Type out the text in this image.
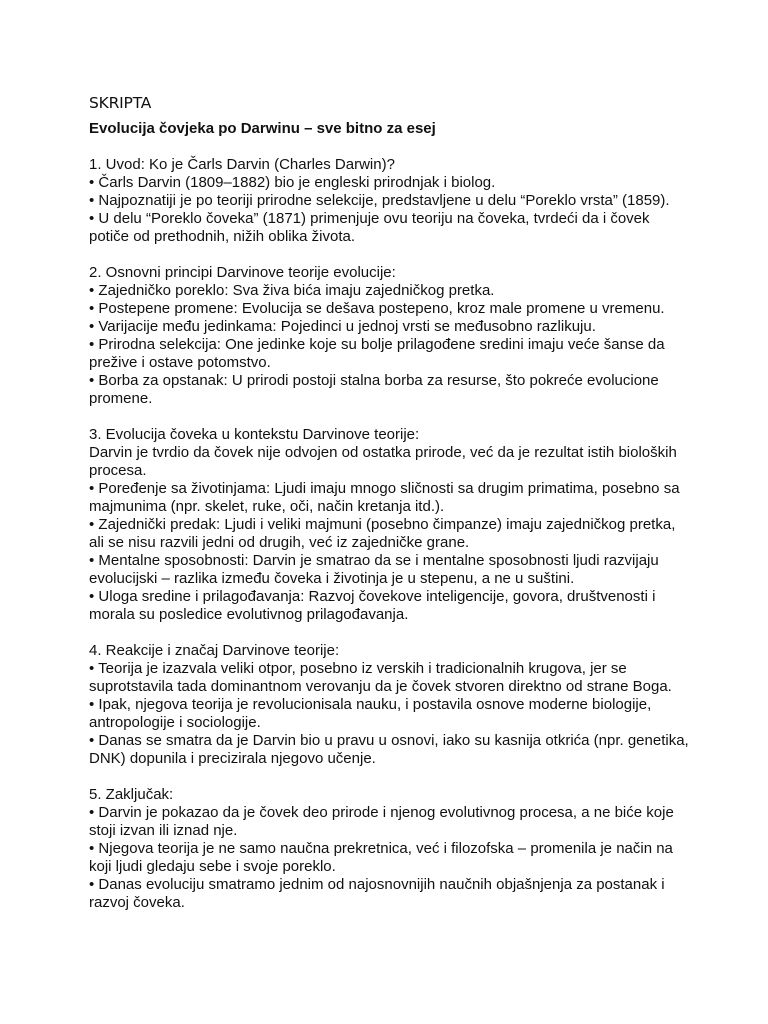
SKRIPTA
Evolucija čovjeka po Darwinu – sve bitno za esej

1. Uvod: Ko je Čarls Darvin (Charles Darwin)?

• Čarls Darvin (1809–1882) bio je engleski prirodnjak i biolog.

• Najpoznatiji je po teoriji prirodne selekcije, predstavljene u delu “Poreklo vrsta” (1859).

• U delu “Poreklo čoveka” (1871) primenjuje ovu teoriju na čoveka, tvrdeći da i čovek potiče od prethodnih, nižih oblika života.

2. Osnovni principi Darvinove teorije evolucije:

• Zajedničko poreklo: Sva živa bića imaju zajedničkog pretka.

• Postepene promene: Evolucija se dešava postepeno, kroz male promene u vremenu.

• Varijacije među jedinkama: Pojedinci u jednoj vrsti se međusobno razlikuju.

• Prirodna selekcija: One jedinke koje su bolje prilagođene sredini imaju veće šanse da prežive i ostave potomstvo.

• Borba za opstanak: U prirodi postoji stalna borba za resurse, što pokreće evolucione promene.

3. Evolucija čoveka u kontekstu Darvinove teorije:

Darvin je tvrdio da čovek nije odvojen od ostatka prirode, već da je rezultat istih bioloških procesa.

• Poređenje sa životinjama: Ljudi imaju mnogo sličnosti sa drugim primatima, posebno sa majmunima (npr. skelet, ruke, oči, način kretanja itd.).

• Zajednički predak: Ljudi i veliki majmuni (posebno čimpanze) imaju zajedničkog pretka, ali se nisu razvili jedni od drugih, već iz zajedničke grane.

• Mentalne sposobnosti: Darvin je smatrao da se i mentalne sposobnosti ljudi razvijaju evolucijski – razlika između čoveka i životinja je u stepenu, a ne u suštini.

• Uloga sredine i prilagođavanja: Razvoj čovekove inteligencije, govora, društvenosti i morala su posledice evolutivnog prilagođavanja.

4. Reakcije i značaj Darvinove teorije:

• Teorija je izazvala veliki otpor, posebno iz verskih i tradicionalnih krugova, jer se suprotstavila tada dominantnom verovanju da je čovek stvoren direktno od strane Boga.

• Ipak, njegova teorija je revolucionisala nauku, i postavila osnove moderne biologije, antropologije i sociologije.

• Danas se smatra da je Darvin bio u pravu u osnovi, iako su kasnija otkrića (npr. genetika, DNK) dopunila i precizirala njegovo učenje.

5. Zaključak:

• Darvin je pokazao da je čovek deo prirode i njenog evolutivnog procesa, a ne biće koje stoji izvan ili iznad nje.

• Njegova teorija je ne samo naučna prekretnica, već i filozofska – promenila je način na koji ljudi gledaju sebe i svoje poreklo.

• Danas evoluciju smatramo jednim od najosnovnijih naučnih objašnjenja za postanak i razvoj čoveka.
